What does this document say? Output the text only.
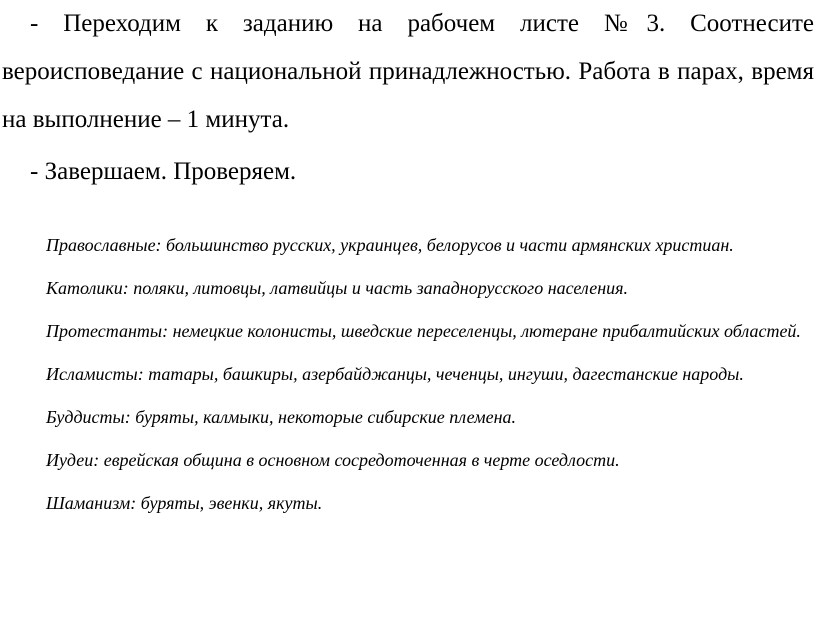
- Переходим к заданию на рабочем листе №3. Соотнесите вероисповедание с национальной принадлежностью. Работа в парах, время на выполнение – 1 минута.

- Завершаем. Проверяем.

Православные: большинство русских, украинцев, белорусов и части армянских христиан.

Католики: поляки, литовцы, латвийцы и часть западнорусского населения.

Протестанты: немецкие колонисты, шведские переселенцы, лютеране прибалтийских областей.

Исламисты: татары, башкиры, азербайджанцы, чеченцы, ингуши, дагестанские народы.

Буддисты: буряты, калмыки, некоторые сибирские племена.

Иудеи: еврейская община в основном сосредоточенная в черте оседлости.

Шаманизм: буряты, эвенки, якуты.
